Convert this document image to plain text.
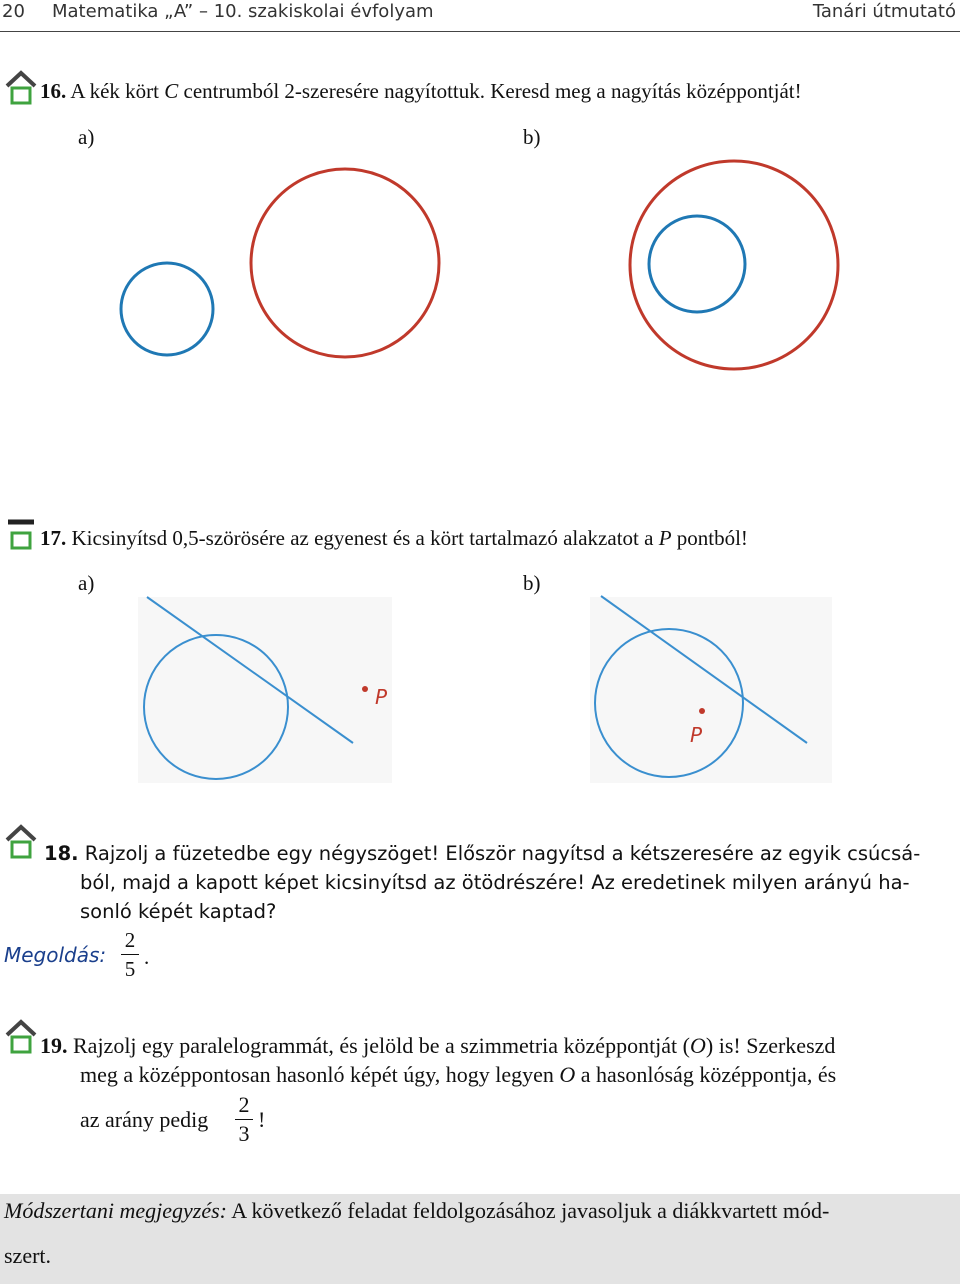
20 Matematika „A” – 10. szakiskolai évfolyam	Tanári útmutató
16. A kék kört C centrumból 2-szeresére nagyítottuk. Keresd meg a nagyítás középpontját!
a)	b)
17. Kicsinyítsd 0,5-szörösére az egyenest és a kört tartalmazó alakzatot a P pontból!
a)	b)
P
P
18. Rajzolj a füzetedbe egy négyszöget! Először nagyítsd a kétszeresére az egyik csúcsá-
ból, majd a kapott képet kicsinyítsd az ötödrészére! Az eredetinek milyen arányú ha-
sonló képét kaptad?
Megoldás:
2
5 .
19. Rajzolj egy paralelogrammát, és jelöld be a szimmetria középpontját (O) is! Szerkeszd
meg a középpontosan hasonló képét úgy, hogy legyen O a hasonlóság középpontja, és
az arány pedig
2
3
!
Módszertani megjegyzés: A következő feladat feldolgozásához javasoljuk a diákkvartett mód-
szert.
